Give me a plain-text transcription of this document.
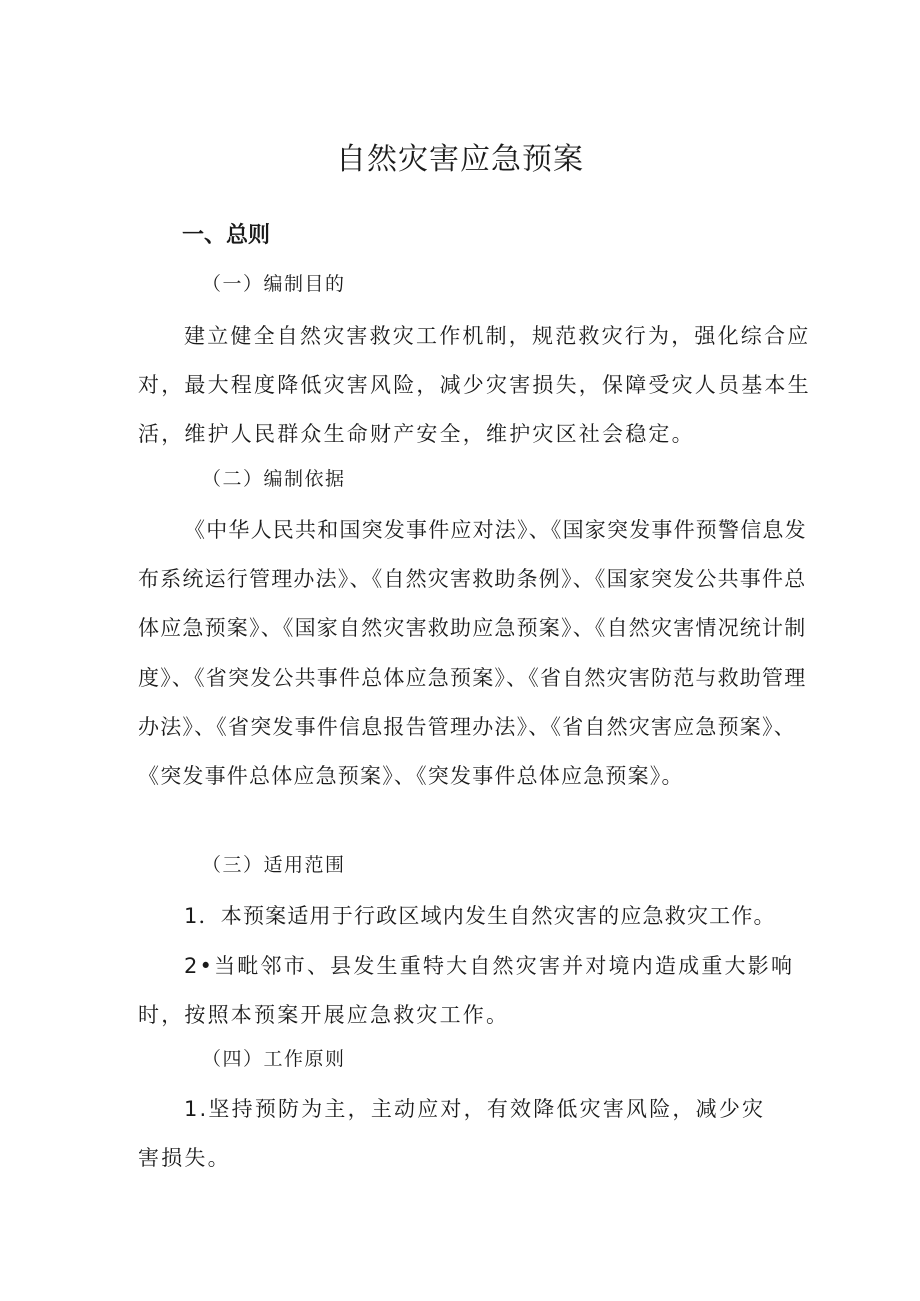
自然灾害应急预案
一、总则

（一）编制目的

建立健全自然灾害救灾工作机制，规范救灾行为，强化综合应对，最大程度降低灾害风险，减少灾害损失，保障受灾人员基本生活，维护人民群众生命财产安全，维护灾区社会稳定。

（二）编制依据

《中华人民共和国突发事件应对法》、《国家突发事件预警信息发布系统运行管理办法》、《自然灾害救助条例》、《国家突发公共事件总体应急预案》、《国家自然灾害救助应急预案》、《自然灾害情况统计制度》、《省突发公共事件总体应急预案》、《省自然灾害防范与救助管理办法》、《省突发事件信息报告管理办法》、《省自然灾害应急预案》、《突发事件总体应急预案》、《突发事件总体应急预案》。

（三）适用范围

1．本预案适用于行政区域内发生自然灾害的应急救灾工作。

2•当毗邻市、县发生重特大自然灾害并对境内造成重大影响时，按照本预案开展应急救灾工作。

（四）工作原则

1.坚持预防为主，主动应对，有效降低灾害风险，减少灾害损失。
